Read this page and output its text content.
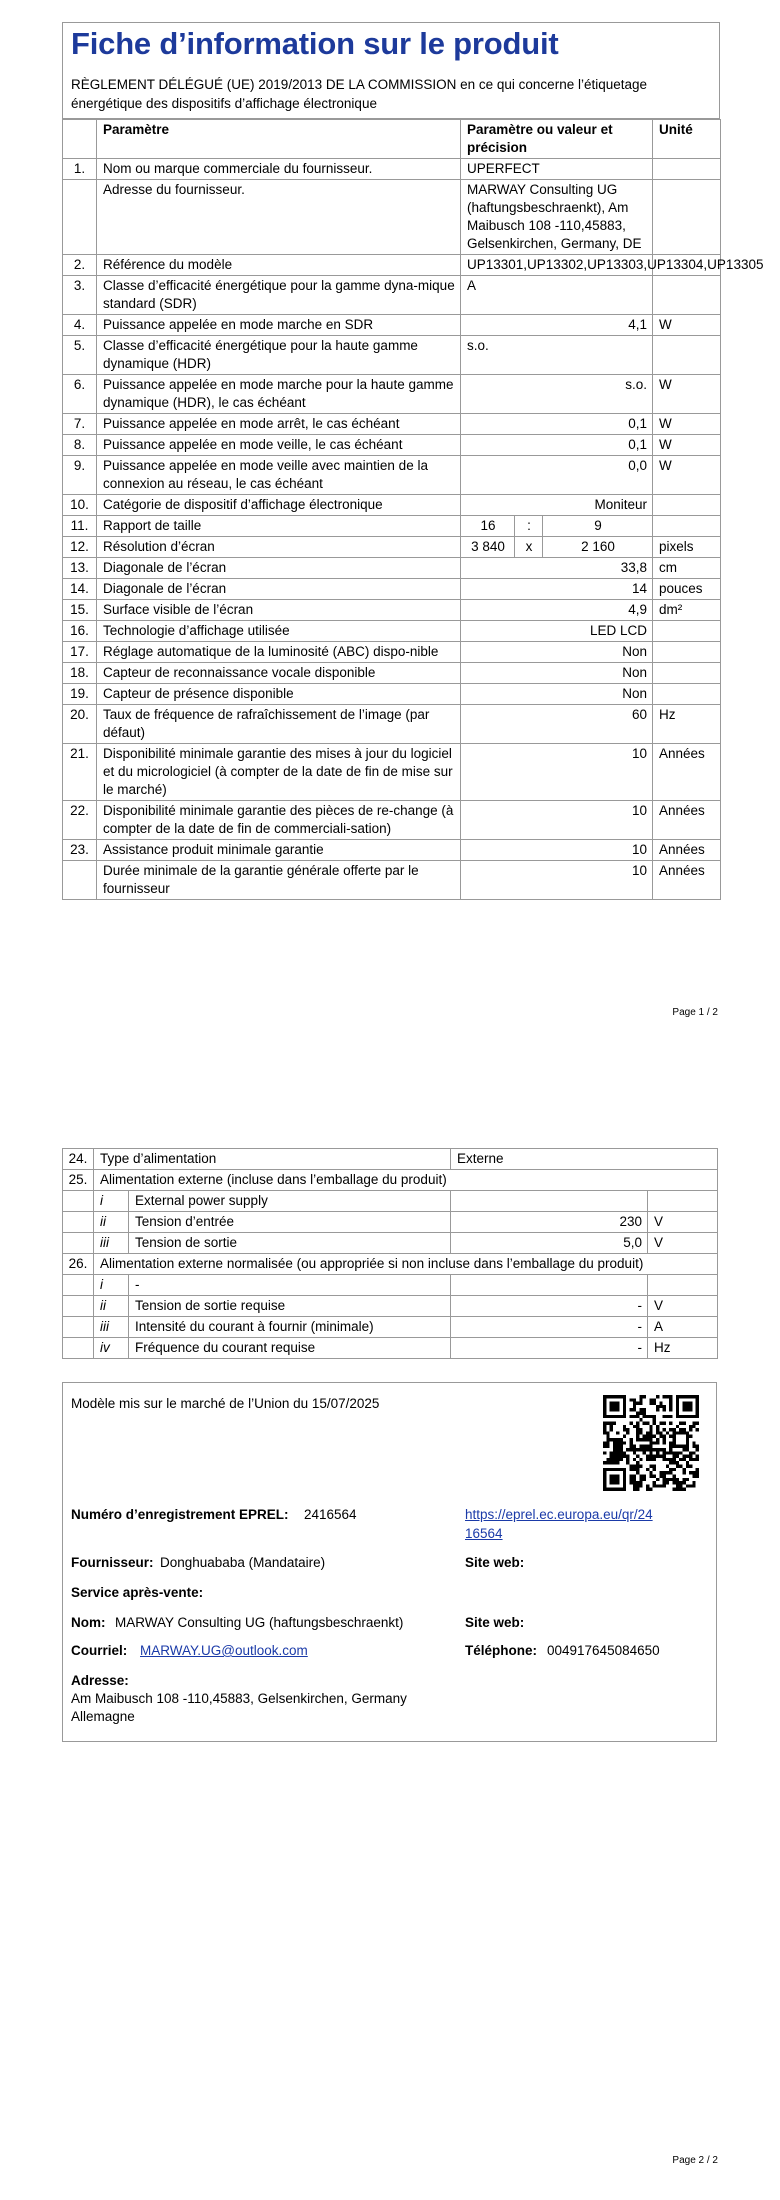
Fiche d’information sur le produit
RÈGLEMENT DÉLÉGUÉ (UE) 2019/2013 DE LA COMMISSION en ce qui concerne l’étiquetage énergétique des dispositifs d’affichage électronique
	Paramètre	Paramètre ou valeur et précision			Unité
1.	Nom ou marque commerciale du fournisseur.	UPERFECT			
	Adresse du fournisseur.	MARWAY Consulting UG (haftungsbeschraenkt), Am Maibusch 108 -110,45883, Gelsenkirchen, Germany, DE			
2.	Référence du modèle	UP13301,UP13302,UP13303,UP13304,UP13305			
3.	Classe d’efficacité énergétique pour la gamme dyna-mique standard (SDR)	A			
4.	Puissance appelée en mode marche en SDR	4,1			W
5.	Classe d’efficacité énergétique pour la haute gamme dynamique (HDR)	s.o.			
6.	Puissance appelée en mode marche pour la haute gamme dynamique (HDR), le cas échéant	s.o.			W
7.	Puissance appelée en mode arrêt, le cas échéant	0,1			W
8.	Puissance appelée en mode veille, le cas échéant	0,1			W
9.	Puissance appelée en mode veille avec maintien de la connexion au réseau, le cas échéant	0,0			W
10.	Catégorie de dispositif d’affichage électronique	Moniteur			
11.	Rapport de taille	16	:	9	
12.	Résolution d’écran	3 840	x	2 160	pixels
13.	Diagonale de l’écran	33,8			cm
14.	Diagonale de l’écran	14			pouces
15.	Surface visible de l’écran	4,9			dm²
16.	Technologie d’affichage utilisée	LED LCD			
17.	Réglage automatique de la luminosité (ABC) dispo-nible	Non			
18.	Capteur de reconnaissance vocale disponible	Non			
19.	Capteur de présence disponible	Non			
20.	Taux de fréquence de rafraîchissement de l’image (par défaut)	60			Hz
21.	Disponibilité minimale garantie des mises à jour du logiciel et du micrologiciel (à compter de la date de fin de mise sur le marché)	10			Années
22.	Disponibilité minimale garantie des pièces de re-change (à compter de la date de fin de commerciali-sation)	10			Années
23.	Assistance produit minimale garantie	10			Années
	Durée minimale de la garantie générale offerte par le fournisseur	10			Années
Page 1 / 2
24.	Type d’alimentation		Externe	
25.	Alimentation externe (incluse dans l’emballage du produit)			
	i	External power supply		
	ii	Tension d’entrée	230	V
	iii	Tension de sortie	5,0	V
26.	Alimentation externe normalisée (ou appropriée si non incluse dans l’emballage du produit)			
	i	-		
	ii	Tension de sortie requise	-	V
	iii	Intensité du courant à fournir (minimale)	-	A
	iv	Fréquence du courant requise	-	Hz
Modèle mis sur le marché de l’Union du 15/07/2025
Numéro d’enregistrement EPREL: 2416564	https://eprel.ec.europa.eu/qr/24
16564
Fournisseur: Donghuababa (Mandataire)	Site web:
Service après-vente:
Nom: MARWAY Consulting UG (haftungsbeschraenkt)	Site web:
Courriel: MARWAY.UG@outlook.com	Téléphone: 004917645084650
Adresse:
Am Maibusch 108 -110,45883, Gelsenkirchen, Germany
Allemagne
Page 2 / 2
